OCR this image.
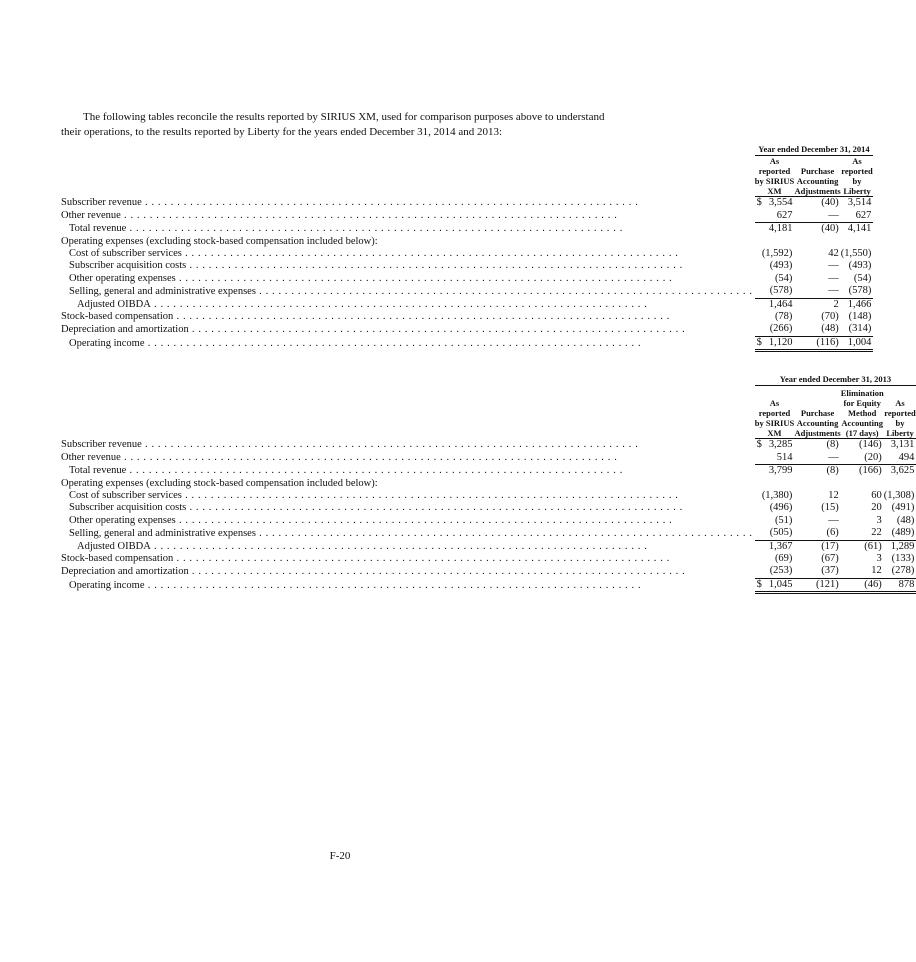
The following tables reconcile the results reported by SIRIUS XM, used for comparison purposes above to understand their operations, to the results reported by Liberty for the years ended December 31, 2014 and 2013:

		Year ended December 31, 2014			
		As reported by SIRIUS XM		Purchase Accounting Adjustments		As reported by Liberty
Subscriber revenue . . .		$	3,554		(40)		3,514
Other revenue . . .			627		—		627
Total revenue . . .			4,181		(40)		4,141
Operating expenses (excluding stock-based compensation included below):				
Cost of subscriber services . . .			(1,592)		42		(1,550)
Subscriber acquisition costs . . .			(493)		—		(493)
Other operating expenses . . .			(54)		—		(54)
Selling, general and administrative expenses . . .			(578)		—		(578)
Adjusted OIBDA . . .			1,464		2		1,466
Stock-based compensation . . .			(78)		(70)		(148)
Depreciation and amortization . . .			(266)		(48)		(314)
Operating income . . .		$	1,120		(116)		1,004
		Year ended December 31, 2013				
		As reported by SIRIUS XM		Purchase Accounting Adjustments		Elimination for Equity Method Accounting (17 days)		As reported by Liberty
Subscriber revenue . . .		$	3,285		(8)		(146)		3,131
Other revenue . . .			514		—		(20)		494
Total revenue . . .			3,799		(8)		(166)		3,625

Operating expenses (excluding stock-based compensation included below):					

Cost of subscriber services . . .			(1,380)		12		60		(1,308)
Subscriber acquisition costs . . .			(496)		(15)		20		(491)
Other operating expenses . . .			(51)		—		3		(48)
Selling, general and administrative expenses . . .			(505)		(6)		22		(489)
Adjusted OIBDA . . .			1,367		(17)		(61)		1,289
Stock-based compensation . . .			(69)		(67)		3		(133)
Depreciation and amortization . . .			(253)		(37)		12		(278)
Operating income . . .		$	1,045		(121)		(46)		878
F-20
